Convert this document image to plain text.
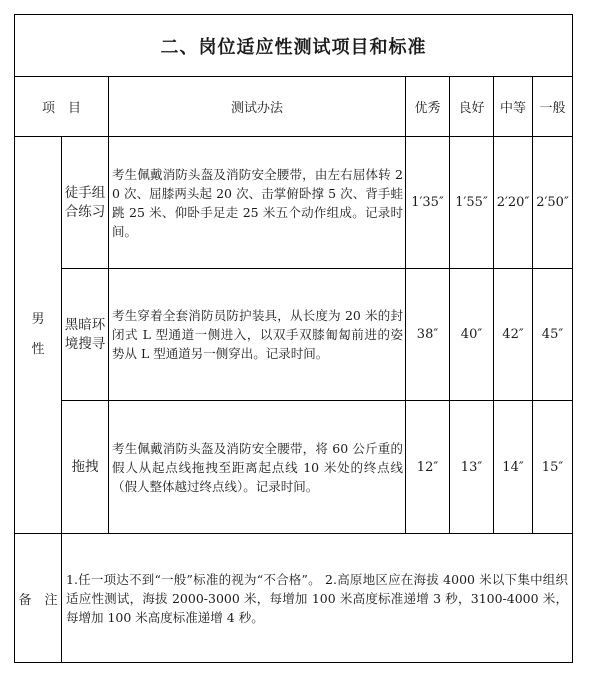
二、岗位适应性测试项目和标准						
项　目		测试办法	优秀	良好	中等	一般

男
性	徒手组合练习	考生佩戴消防头盔及消防安全腰带，由左右屈体转 20 次、屈膝两头起 20 次、击掌俯卧撑 5 次、背手蛙跳 25 米、仰卧手足走 25 米五个动作组成。记录时间。	1′35″	1′55″	2′20″	2′50″
	黑暗环境搜寻	考生穿着全套消防员防护装具，从长度为 20 米的封闭式 L 型通道一侧进入，以双手双膝匍匐前进的姿势从 L 型通道另一侧穿出。记录时间。	38″	40″	42″	45″
	拖拽	考生佩戴消防头盔及消防安全腰带，将 60 公斤重的假人从起点线拖拽至距离起点线 10 米处的终点线（假人整体越过终点线）。记录时间。	12″	13″	14″	15″
备　注	1.任一项达不到“一般”标准的视为“不合格”。 2.高原地区应在海拔 4000 米以下集中组织适应性测试，海拔 2000-3000 米，每增加 100 米高度标准递增 3 秒，3100-4000 米，每增加 100 米高度标准递增 4 秒。					
